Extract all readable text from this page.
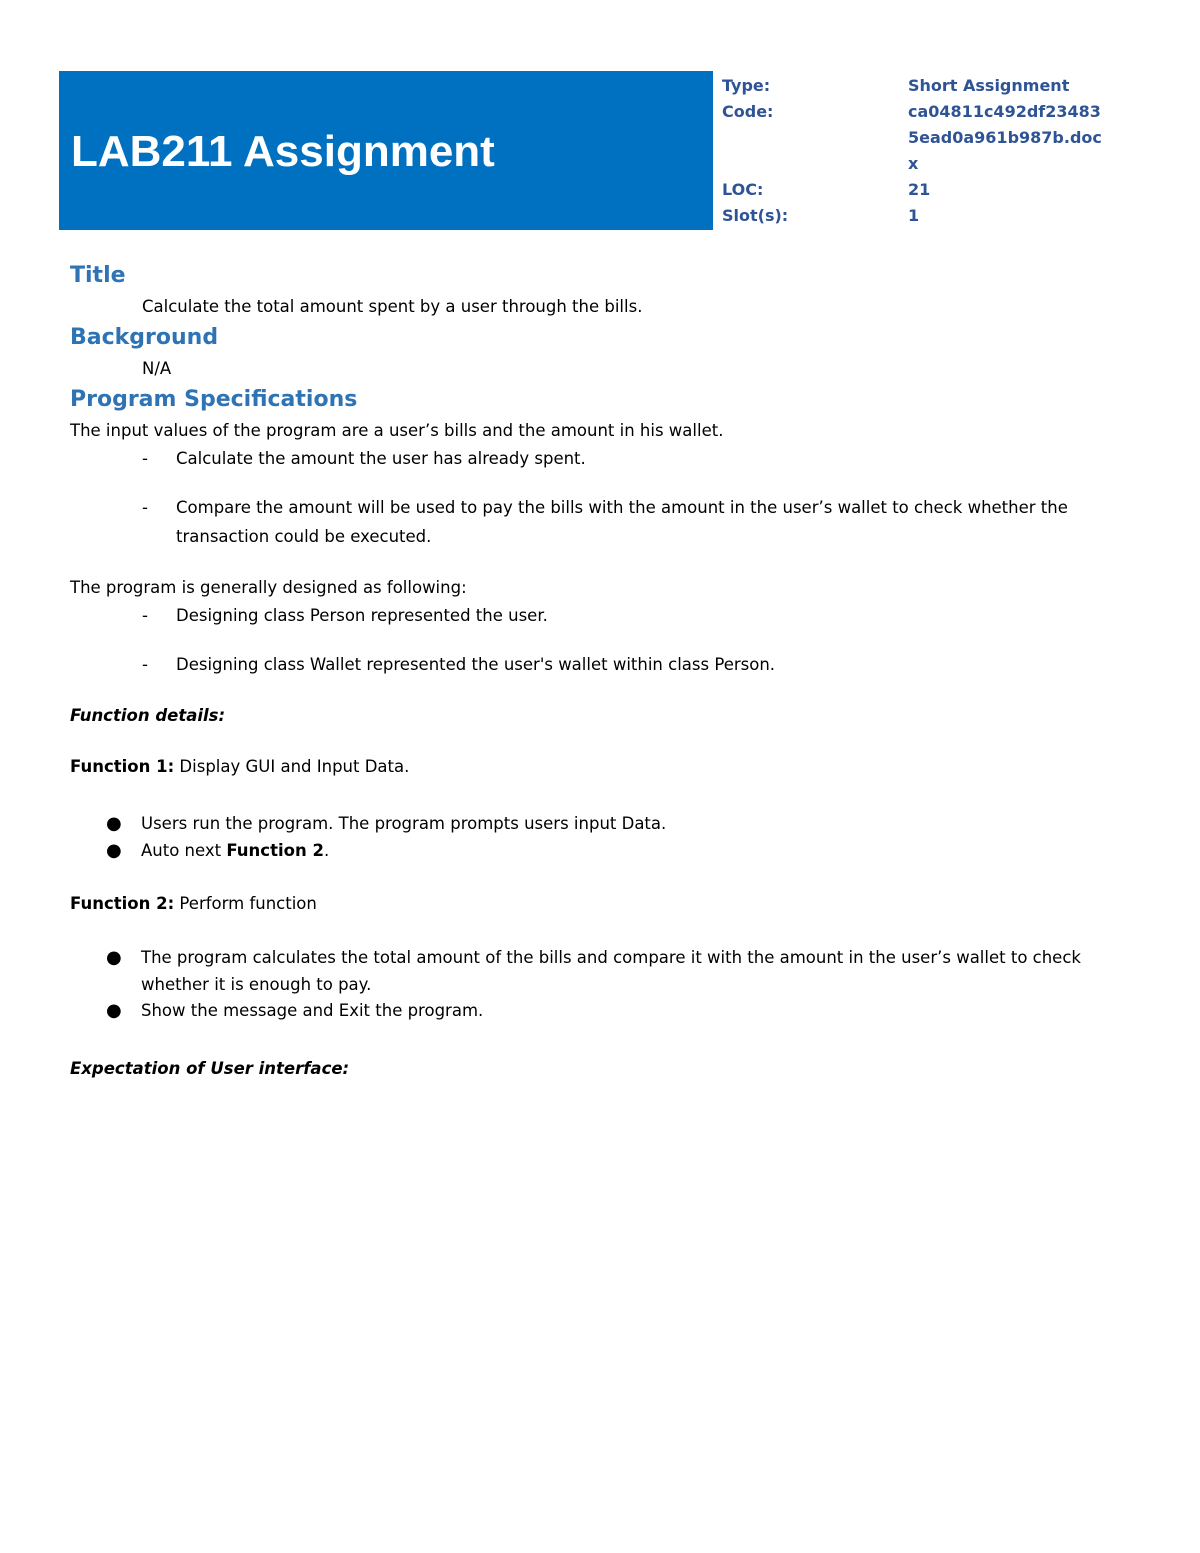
LAB211 Assignment
Type:	Short Assignment
Code:	ca04811c492df234835ead0a961b987b.docx
LOC:	21
Slot(s):	1
Title

Calculate the total amount spent by a user through the bills.

Background

N/A

Program Specifications

The input values of the program are a user’s bills and the amount in his wallet.

-	Calculate the amount the user has already spent.
-	Compare the amount will be used to pay the bills with the amount in the user’s wallet to check whether the transaction could be executed.

The program is generally designed as following:

-	Designing class Person represented the user.
-	Designing class Wallet represented the user's wallet within class Person.

Function details:

Function 1: Display GUI and Input Data.

●	Users run the program. The program prompts users input Data.
●	Auto next Function 2.

Function 2: Perform function

●	The program calculates the total amount of the bills and compare it with the amount in the user’s wallet to check whether it is enough to pay.
●	Show the message and Exit the program.

Expectation of User interface:
